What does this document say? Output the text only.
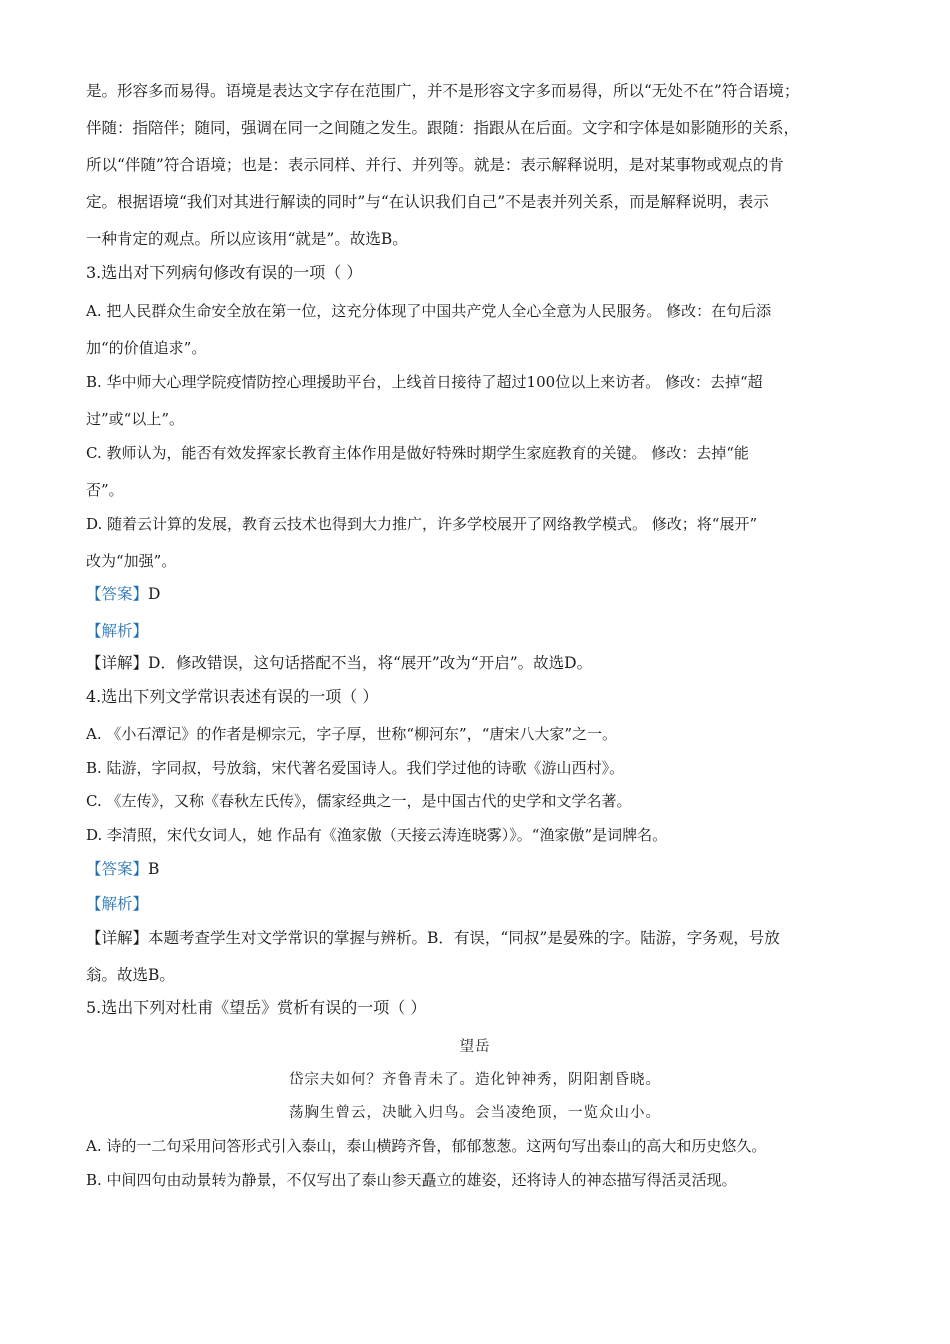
是。形容多而易得。语境是表达文字存在范围广，并不是形容文字多而易得，所以“无处不在”符合语境；
伴随：指陪伴；随同，强调在同一之间随之发生。跟随：指跟从在后面。文字和字体是如影随形的关系，
所以“伴随”符合语境；也是：表示同样、并行、并列等。就是：表示解释说明，是对某事物或观点的肯
定。根据语境“我们对其进行解读的同时”与“在认识我们自己”不是表并列关系，而是解释说明，表示
一种肯定的观点。所以应该用“就是”。故选B。
3.选出对下列病句修改有误的一项（ ）
A. 把人民群众生命安全放在第一位，这充分体现了中国共产党人全心全意为人民服务。 修改：在句后添
加“的价值追求”。
B. 华中师大心理学院疫情防控心理援助平台，上线首日接待了超过100位以上来访者。 修改：去掉“超
过”或“以上”。
C. 教师认为，能否有效发挥家长教育主体作用是做好特殊时期学生家庭教育的关键。 修改：去掉“能
否”。
D. 随着云计算的发展，教育云技术也得到大力推广，许多学校展开了网络教学模式。 修改；将“展开”
改为“加强”。
【答案】D
【解析】
【详解】D．修改错误，这句话搭配不当，将“展开”改为“开启”。故选D。
4.选出下列文学常识表述有误的一项（ ）
A. 《小石潭记》的作者是柳宗元，字子厚，世称“柳河东”，“唐宋八大家”之一。
B. 陆游，字同叔，号放翁，宋代著名爱国诗人。我们学过他的诗歌《游山西村》。
C. 《左传》，又称《春秋左氏传》，儒家经典之一，是中国古代的史学和文学名著。
D. 李清照，宋代女词人，她 作品有《渔家傲（天接云涛连晓雾）》。“渔家傲”是词牌名。
【答案】B
【解析】
【详解】本题考查学生对文学常识的掌握与辨析。B．有误，“同叔”是晏殊的字。陆游，字务观，号放
翁。故选B。
5.选出下列对杜甫《望岳》赏析有误的一项（ ）
望岳
岱宗夫如何？齐鲁青未了。造化钟神秀，阴阳割昏晓。
荡胸生曾云，决眦入归鸟。会当凌绝顶，一览众山小。
A. 诗的一二句采用问答形式引入泰山，泰山横跨齐鲁，郁郁葱葱。这两句写出泰山的高大和历史悠久。
B. 中间四句由动景转为静景，不仅写出了泰山参天矗立的雄姿，还将诗人的神态描写得活灵活现。
